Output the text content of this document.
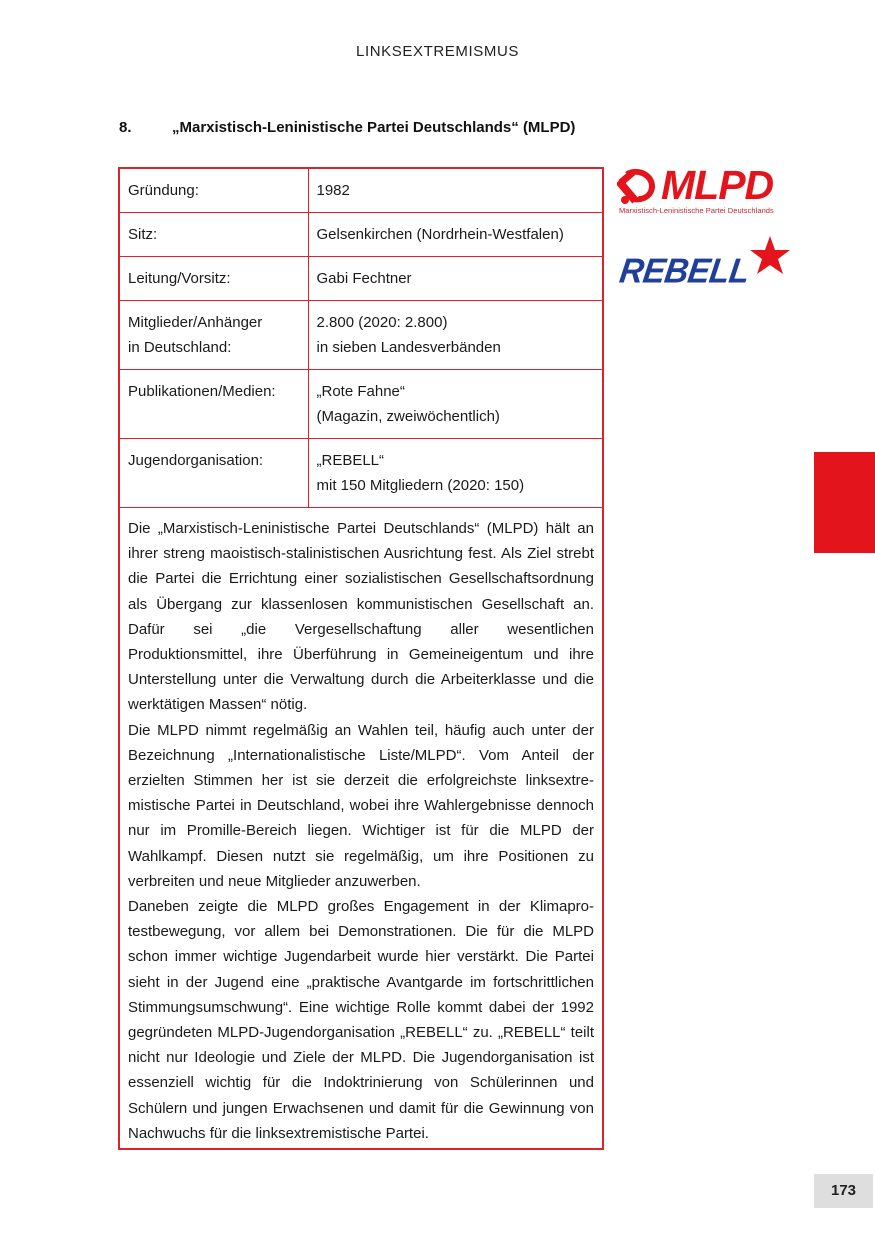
LINKSEXTREMISMUS
8.	„Marxistisch-Leninistische Partei Deutschlands“ (MLPD)
Gründung:	1982

Sitz:	Gelsenkirchen (Nordrhein-Westfalen)

Leitung/Vorsitz:	Gabi Fechtner

Mitglieder/Anhänger
in Deutschland:	2.800 (2020: 2.800)
in sieben Landesverbänden

Publikationen/Medien:	„Rote Fahne“
(Magazin, zweiwöchentlich)

Jugendorganisation:	„REBELL“
mit 150 Mitgliedern (2020: 150)

Die „Marxistisch-Leninistische Partei Deutschlands“ (MLPD) hält an ihrer streng maoistisch-stalinistischen Ausrichtung fest. Als Ziel strebt die Partei die Errichtung einer sozialistischen Gesellschaftsordnung als Übergang zur klassenlosen kommunistischen Gesellschaft an. Dafür sei „die Vergesellschaftung aller wesentlichen Produktionsmittel, ihre Überführung in Gemeineigentum und ihre Unterstellung unter die Verwaltung durch die Arbeiterklasse und die werktätigen Massen“ nötig.

Die MLPD nimmt regelmäßig an Wahlen teil, häufig auch unter der Bezeichnung „Internationalistische Liste/MLPD“. Vom Anteil der erzielten Stimmen her ist sie derzeit die erfolgreichste linksextremistische Partei in Deutschland, wobei ihre Wahlergebnisse dennoch nur im Promille-Bereich liegen. Wichtiger ist für die MLPD der Wahlkampf. Diesen nutzt sie regelmäßig, um ihre Positionen zu verbreiten und neue Mitglieder anzuwerben.

Daneben zeigte die MLPD großes Engagement in der Klimaprotestbewegung, vor allem bei Demonstrationen. Die für die MLPD schon immer wichtige Jugendarbeit wurde hier verstärkt. Die Partei sieht in der Jugend eine „praktische Avantgarde im fortschrittlichen Stimmungsumschwung“. Eine wichtige Rolle kommt dabei der 1992 gegründeten MLPD-Jugendorganisation „REBELL“ zu. „REBELL“ teilt nicht nur Ideologie und Ziele der MLPD. Die Jugendorganisation ist essenziell wichtig für die Indoktrinierung von Schülerinnen und Schülern und jungen Erwachsenen und damit für die Gewinnung von Nachwuchs für die linksextremistische Partei.

MLPD
Marxistisch-Leninistische Partei Deutschlands
REBELL
173
